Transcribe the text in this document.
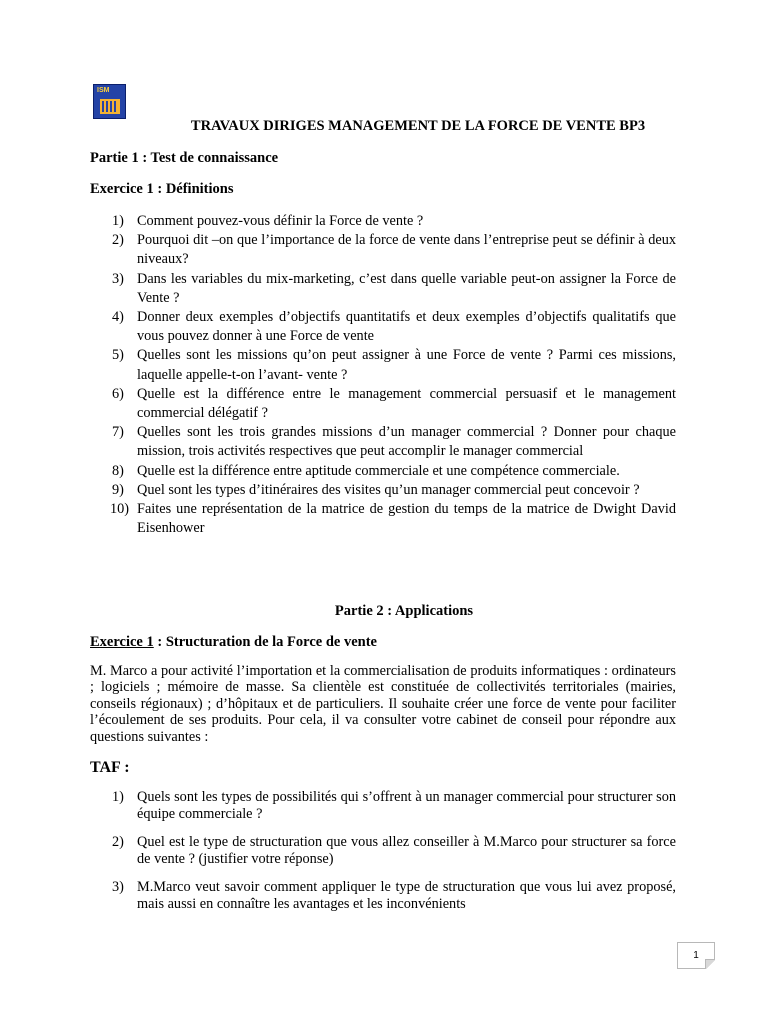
ISM
TRAVAUX DIRIGES MANAGEMENT DE LA FORCE DE VENTE BP3
Partie 1 : Test de connaissance
Exercice 1 : Définitions
1) Comment pouvez-vous définir la Force de vente ?
2) Pourquoi dit –on que l’importance de la force de vente dans l’entreprise peut se définir à deux niveaux?
3) Dans les variables du mix-marketing, c’est dans quelle variable peut-on assigner la Force de Vente ?
4) Donner deux exemples d’objectifs quantitatifs et deux exemples d’objectifs qualitatifs que vous pouvez donner à une Force de vente
5) Quelles sont les missions qu’on peut assigner à une Force de vente ? Parmi ces missions, laquelle appelle-t-on l’avant- vente ?
6) Quelle est la différence entre le management commercial persuasif et le management commercial délégatif ?
7) Quelles sont les trois grandes missions d’un manager commercial ? Donner pour chaque mission, trois activités respectives que peut accomplir le manager commercial
8) Quelle est la différence entre aptitude commerciale et une compétence commerciale.
9) Quel sont les types d’itinéraires des visites qu’un manager commercial peut concevoir ?
10) Faites une représentation de la matrice de gestion du temps de la matrice de Dwight David Eisenhower
Partie 2 : Applications
Exercice 1 : Structuration de la Force de vente
M. Marco a pour activité l’importation et la commercialisation de produits informatiques : ordinateurs ; logiciels ; mémoire de masse. Sa clientèle est constituée de collectivités territoriales (mairies, conseils régionaux) ; d’hôpitaux et de particuliers. Il souhaite créer une force de vente pour faciliter l’écoulement de ses produits. Pour cela, il va consulter votre cabinet de conseil pour répondre aux questions suivantes :
TAF :
1) Quels sont les types de possibilités qui s’offrent à un manager commercial pour structurer son équipe commerciale ?
2) Quel est le type de structuration que vous allez conseiller à M.Marco pour structurer sa force de vente ? (justifier votre réponse)
3) M.Marco veut savoir comment appliquer le type de structuration que vous lui avez proposé, mais aussi en connaître les avantages et les inconvénients
1
